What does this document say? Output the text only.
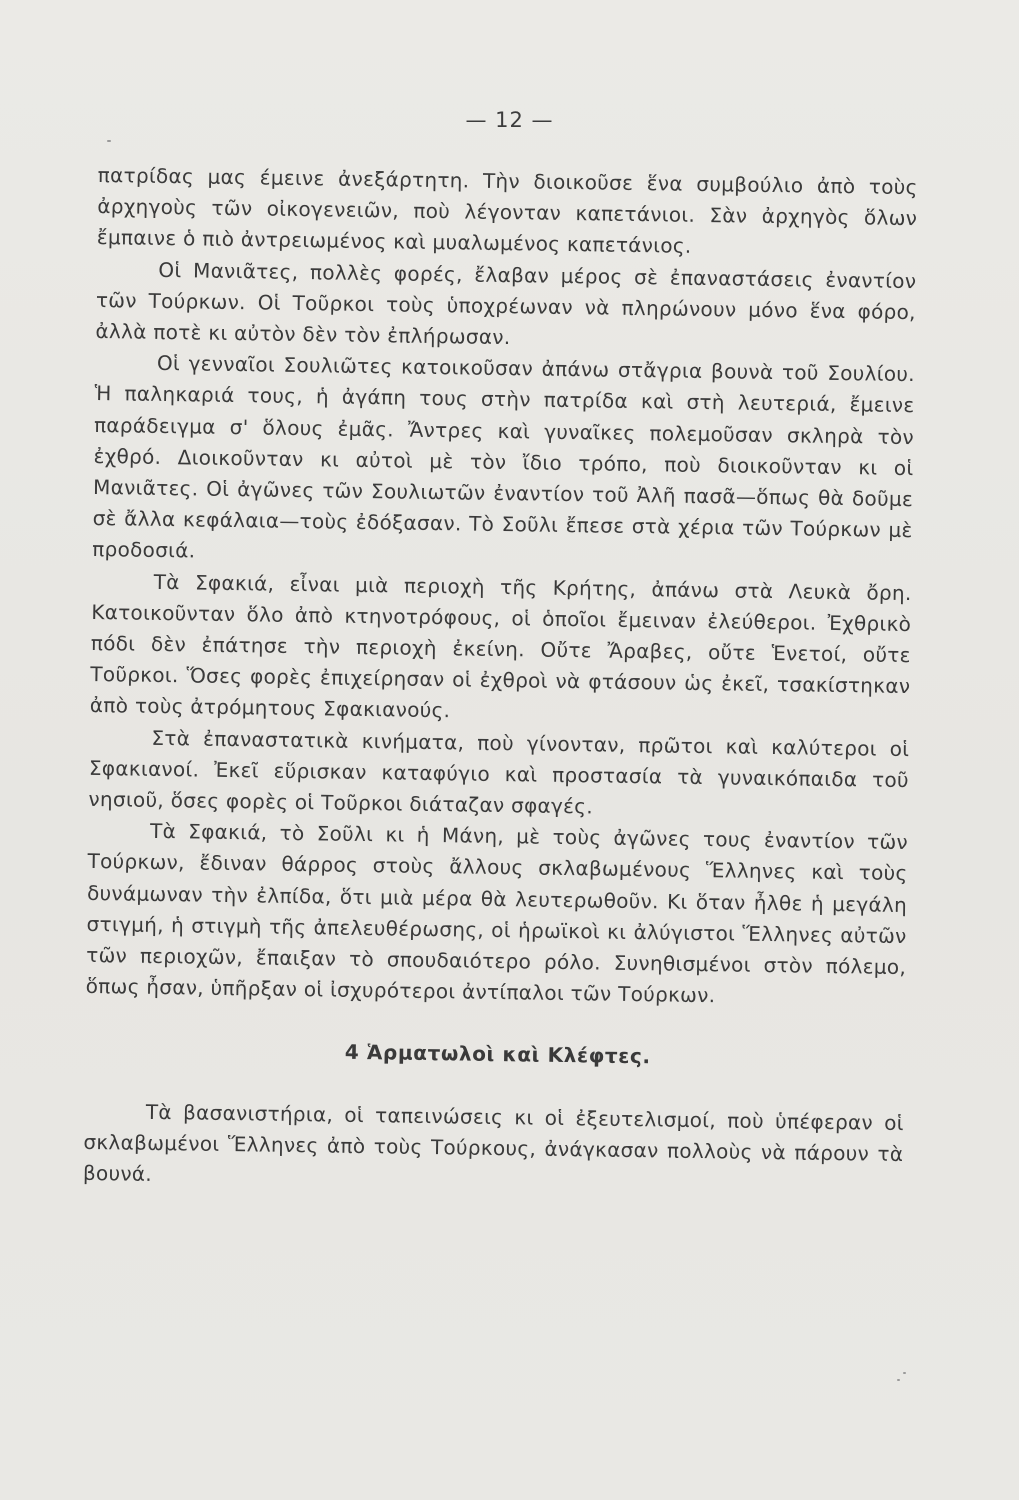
— 12 —

πατρίδας μας έμεινε ἀνεξάρτητη. Τὴν διοικοῦσε ἕνα συμβούλιο ἀπὸ τοὺς ἀρχηγοὺς τῶν οἰκογενειῶν, ποὺ λέγονταν καπετάνιοι. Σὰν ἀρχηγὸς ὅλων ἔμπαινε ὁ πιὸ ἀντρειωμένος καὶ μυαλωμένος καπετάνιος.

Οἱ Μανιᾶτες, πολλὲς φορές, ἔλαβαν μέρος σὲ ἐπαναστάσεις ἐναντίον τῶν Τούρκων. Οἱ Τοῦρκοι τοὺς ὑποχρέωναν νὰ πληρώνουν μόνο ἕνα φόρο, ἀλλὰ ποτὲ κι αὐτὸν δὲν τὸν ἐπλήρωσαν.

Οἱ γενναῖοι Σουλιῶτες κατοικοῦσαν ἀπάνω στἄγρια βουνὰ τοῦ Σουλίου. Ἡ παληκαριά τους, ἡ ἀγάπη τους στὴν πατρίδα καὶ στὴ λευτεριά, ἔμεινε παράδειγμα σ' ὅλους ἐμᾶς. Ἄντρες καὶ γυναῖκες πολεμοῦσαν σκληρὰ τὸν ἐχθρό. Διοικοῦνταν κι αὐτοὶ μὲ τὸν ἴδιο τρόπο, ποὺ διοικοῦνταν κι οἱ Μανιᾶτες. Οἱ ἀγῶνες τῶν Σουλιωτῶν ἐναντίον τοῦ Ἀλῆ πασᾶ—ὅπως θὰ δοῦμε σὲ ἄλλα κεφάλαια—τοὺς ἐδόξασαν. Τὸ Σοῦλι ἔπεσε στὰ χέρια τῶν Τούρκων μὲ προδοσιά.

Τὰ Σφακιά, εἶναι μιὰ περιοχὴ τῆς Κρήτης, ἀπάνω στὰ Λευκὰ ὄρη. Κατοικοῦνταν ὅλο ἀπὸ κτηνοτρόφους, οἱ ὁποῖοι ἔμειναν ἐλεύθεροι. Ἐχθρικὸ πόδι δὲν ἐπάτησε τὴν περιοχὴ ἐκείνη. Οὔτε Ἄραβες, οὔτε Ἑνετοί, οὔτε Τοῦρκοι. Ὅσες φορὲς ἐπιχείρησαν οἱ ἐχθροὶ νὰ φτάσουν ὡς ἐκεῖ, τσακίστηκαν ἀπὸ τοὺς ἀτρόμητους Σφακιανούς.

Στὰ ἐπαναστατικὰ κινήματα, ποὺ γίνονταν, πρῶτοι καὶ καλύτεροι οἱ Σφακιανοί. Ἐκεῖ εὕρισκαν καταφύγιο καὶ προστασία τὰ γυναικόπαιδα τοῦ νησιοῦ, ὅσες φορὲς οἱ Τοῦρκοι διάταζαν σφαγές.

Τὰ Σφακιά, τὸ Σοῦλι κι ἡ Μάνη, μὲ τοὺς ἀγῶνες τους ἐναντίον τῶν Τούρκων, ἔδιναν θάρρος στοὺς ἄλλους σκλαβωμένους Ἕλληνες καὶ τοὺς δυνάμωναν τὴν ἐλπίδα, ὅτι μιὰ μέρα θὰ λευτερωθοῦν. Κι ὅταν ἦλθε ἡ μεγάλη στιγμή, ἡ στιγμὴ τῆς ἀπελευθέρωσης, οἱ ἡρωϊκοὶ κι ἀλύγιστοι Ἕλληνες αὐτῶν τῶν περιοχῶν, ἔπαιξαν τὸ σπουδαιότερο ρόλο. Συνηθισμένοι στὸν πόλεμο, ὅπως ἦσαν, ὑπῆρξαν οἱ ἰσχυρότεροι ἀντίπαλοι τῶν Τούρκων.

4 Ἁρματωλοὶ καὶ Κλέφτες.

Τὰ βασανιστήρια, οἱ ταπεινώσεις κι οἱ ἐξευτελισμοί, ποὺ ὑπέφεραν οἱ σκλαβωμένοι Ἕλληνες ἀπὸ τοὺς Τούρκους, ἀνάγκασαν πολλοὺς νὰ πάρουν τὰ βουνά.
